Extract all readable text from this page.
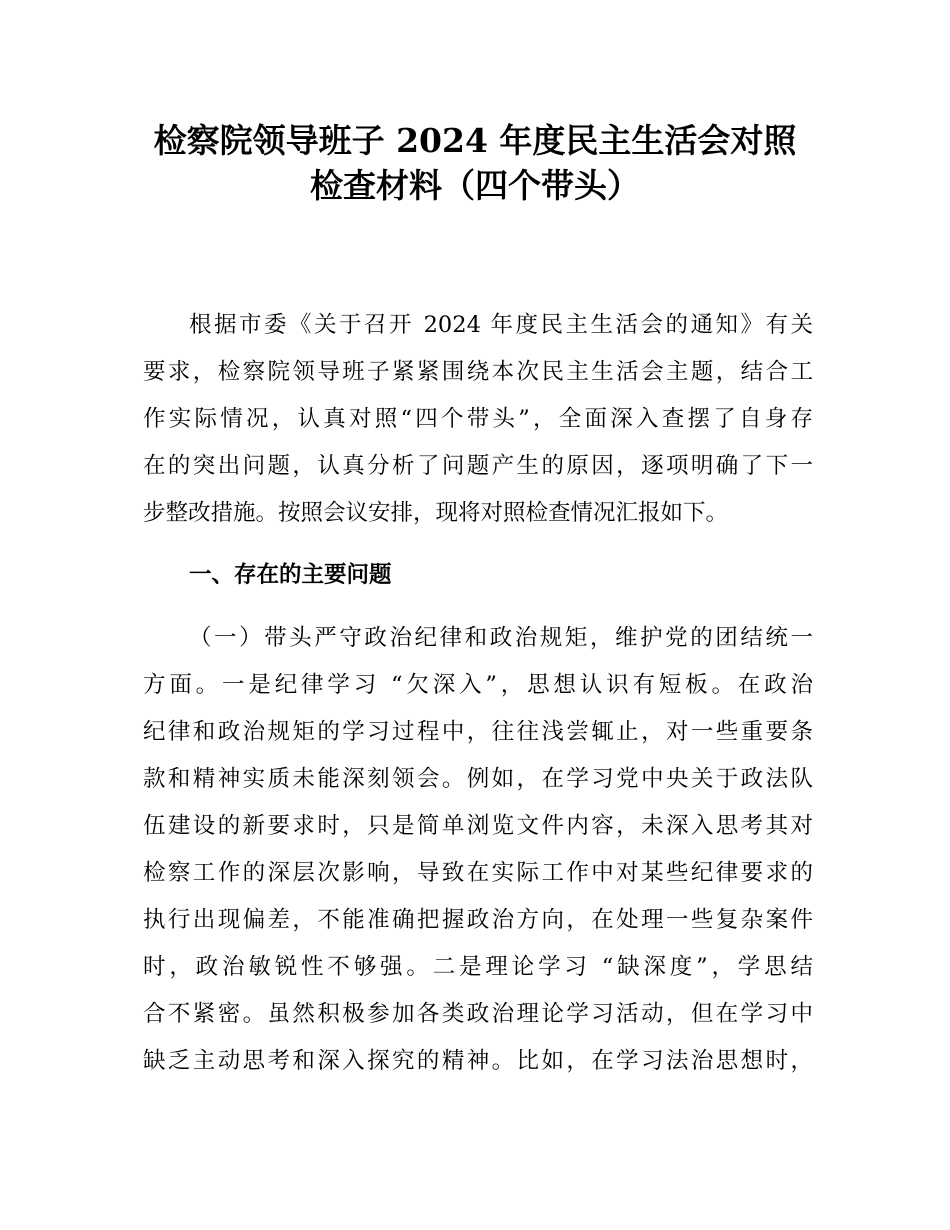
检察院领导班子 2024 年度民主生活会对照
检查材料（四个带头）
根据市委《关于召开 2024 年度民主生活会的通知》有关
要求，检察院领导班子紧紧围绕本次民主生活会主题，结合工
作实际情况，认真对照“四个带头”，全面深入查摆了自身存
在的突出问题，认真分析了问题产生的原因，逐项明确了下一
步整改措施。按照会议安排，现将对照检查情况汇报如下。
一、存在的主要问题
（一）带头严守政治纪律和政治规矩，维护党的团结统一
方面。一是纪律学习 “欠深入”，思想认识有短板。在政治
纪律和政治规矩的学习过程中，往往浅尝辄止，对一些重要条
款和精神实质未能深刻领会。例如，在学习党中央关于政法队
伍建设的新要求时，只是简单浏览文件内容，未深入思考其对
检察工作的深层次影响，导致在实际工作中对某些纪律要求的
执行出现偏差，不能准确把握政治方向，在处理一些复杂案件
时，政治敏锐性不够强。二是理论学习 “缺深度”，学思结
合不紧密。虽然积极参加各类政治理论学习活动，但在学习中
缺乏主动思考和深入探究的精神。比如，在学习法治思想时，
